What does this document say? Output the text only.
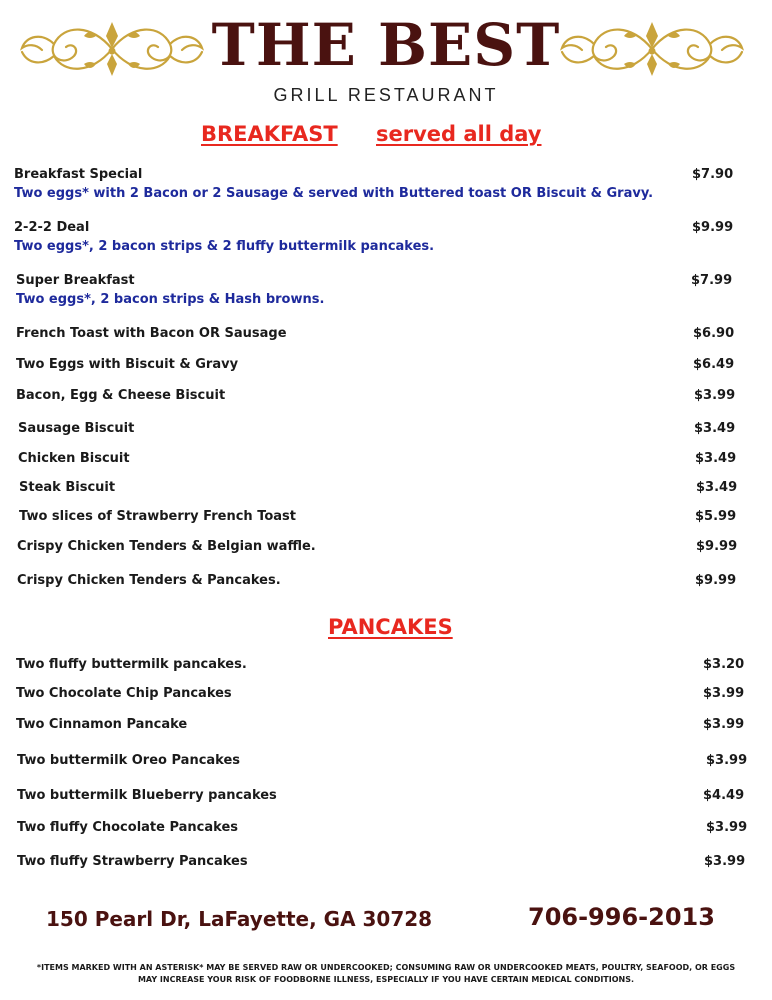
THE BEST
GRILL RESTAURANT
BREAKFAST served all day
Breakfast Special	$7.90
Two eggs* with 2 Bacon or 2 Sausage & served with Buttered toast OR Biscuit & Gravy.
2-2-2 Deal	$9.99
Two eggs*, 2 bacon strips & 2 fluffy buttermilk pancakes.
Super Breakfast	$7.99
Two eggs*, 2 bacon strips & Hash browns.
French Toast with Bacon OR Sausage	$6.90
Two Eggs with Biscuit & Gravy	$6.49
Bacon, Egg & Cheese Biscuit	$3.99
Sausage Biscuit	$3.49
Chicken Biscuit	$3.49
Steak Biscuit	$3.49
Two slices of Strawberry French Toast	$5.99
Crispy Chicken Tenders & Belgian waffle.	$9.99
Crispy Chicken Tenders & Pancakes.	$9.99
PANCAKES
Two fluffy buttermilk pancakes.	$3.20
Two Chocolate Chip Pancakes	$3.99
Two Cinnamon Pancake	$3.99
Two buttermilk Oreo Pancakes	$3.99
Two buttermilk Blueberry pancakes	$4.49
Two fluffy Chocolate Pancakes	$3.99
Two fluffy Strawberry Pancakes	$3.99
150 Pearl Dr, LaFayette, GA 30728	706-996-2013
*ITEMS MARKED WITH AN ASTERISK* MAY BE SERVED RAW OR UNDERCOOKED; CONSUMING RAW OR UNDERCOOKED MEATS, POULTRY, SEAFOOD, OR EGGS
MAY INCREASE YOUR RISK OF FOODBORNE ILLNESS, ESPECIALLY IF YOU HAVE CERTAIN MEDICAL CONDITIONS.
